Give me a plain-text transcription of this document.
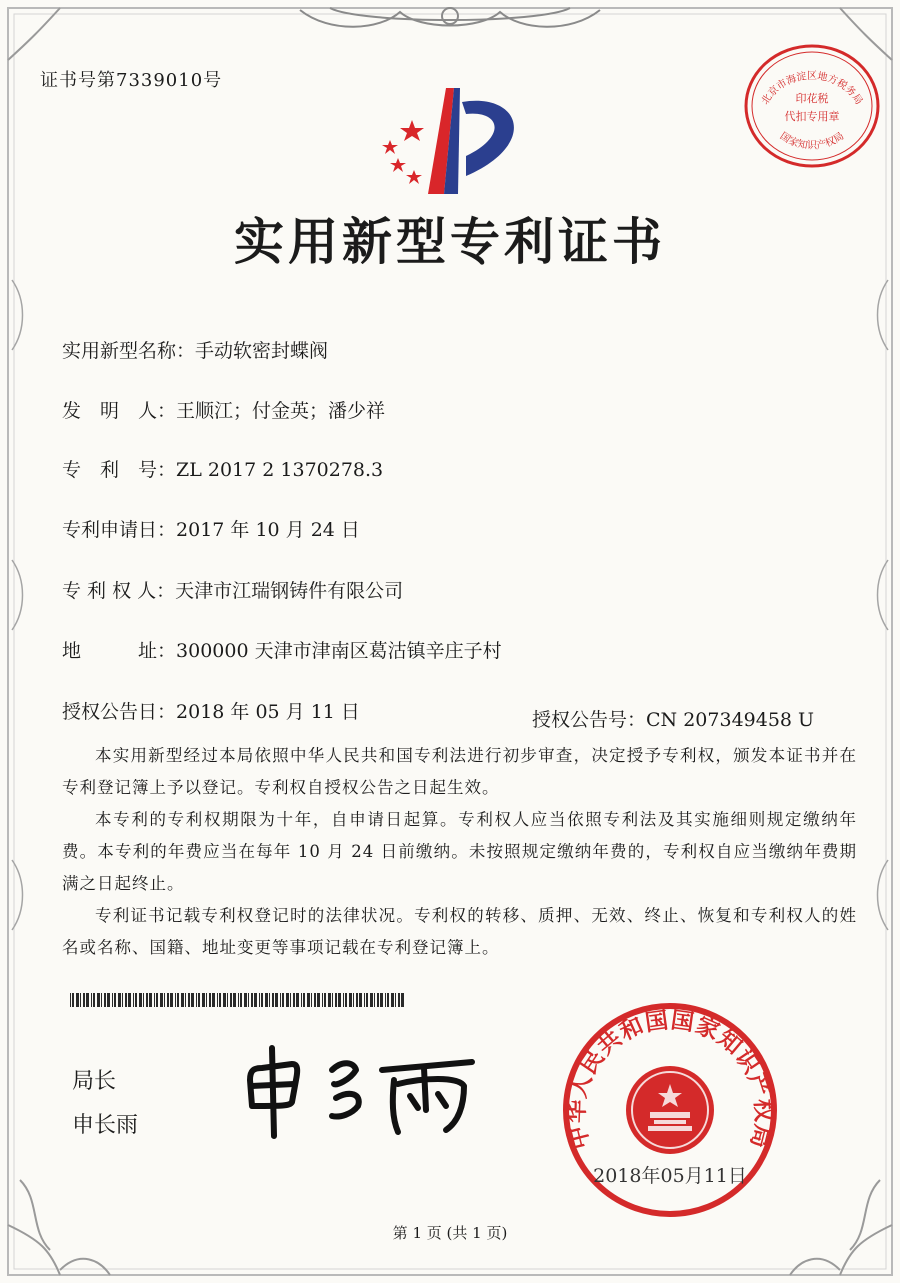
证书号第7339010号
北京市海淀区地方税务局
印花税
代扣专用章
国家知识产权局
实用新型专利证书
实用新型名称：手动软密封蝶阀
发　明　人：王顺江；付金英；潘少祥
专　利　号：ZL 2017 2 1370278.3
专利申请日：2017 年 10 月 24 日
专 利 权 人：天津市江瑞钢铸件有限公司
地　　　址：300000 天津市津南区葛沽镇辛庄子村
授权公告日：2018 年 05 月 11 日	授权公告号：CN 207349458 U
本实用新型经过本局依照中华人民共和国专利法进行初步审查，决定授予专利权，颁发本证书并在专利登记簿上予以登记。专利权自授权公告之日起生效。
本专利的专利权期限为十年，自申请日起算。专利权人应当依照专利法及其实施细则规定缴纳年费。本专利的年费应当在每年 10 月 24 日前缴纳。未按照规定缴纳年费的，专利权自应当缴纳年费期满之日起终止。
专利证书记载专利权登记时的法律状况。专利权的转移、质押、无效、终止、恢复和专利权人的姓名或名称、国籍、地址变更等事项记载在专利登记簿上。
局长
申长雨	中华人民共和国国家知识产权局
2018年05月11日
第 1 页 (共 1 页)
